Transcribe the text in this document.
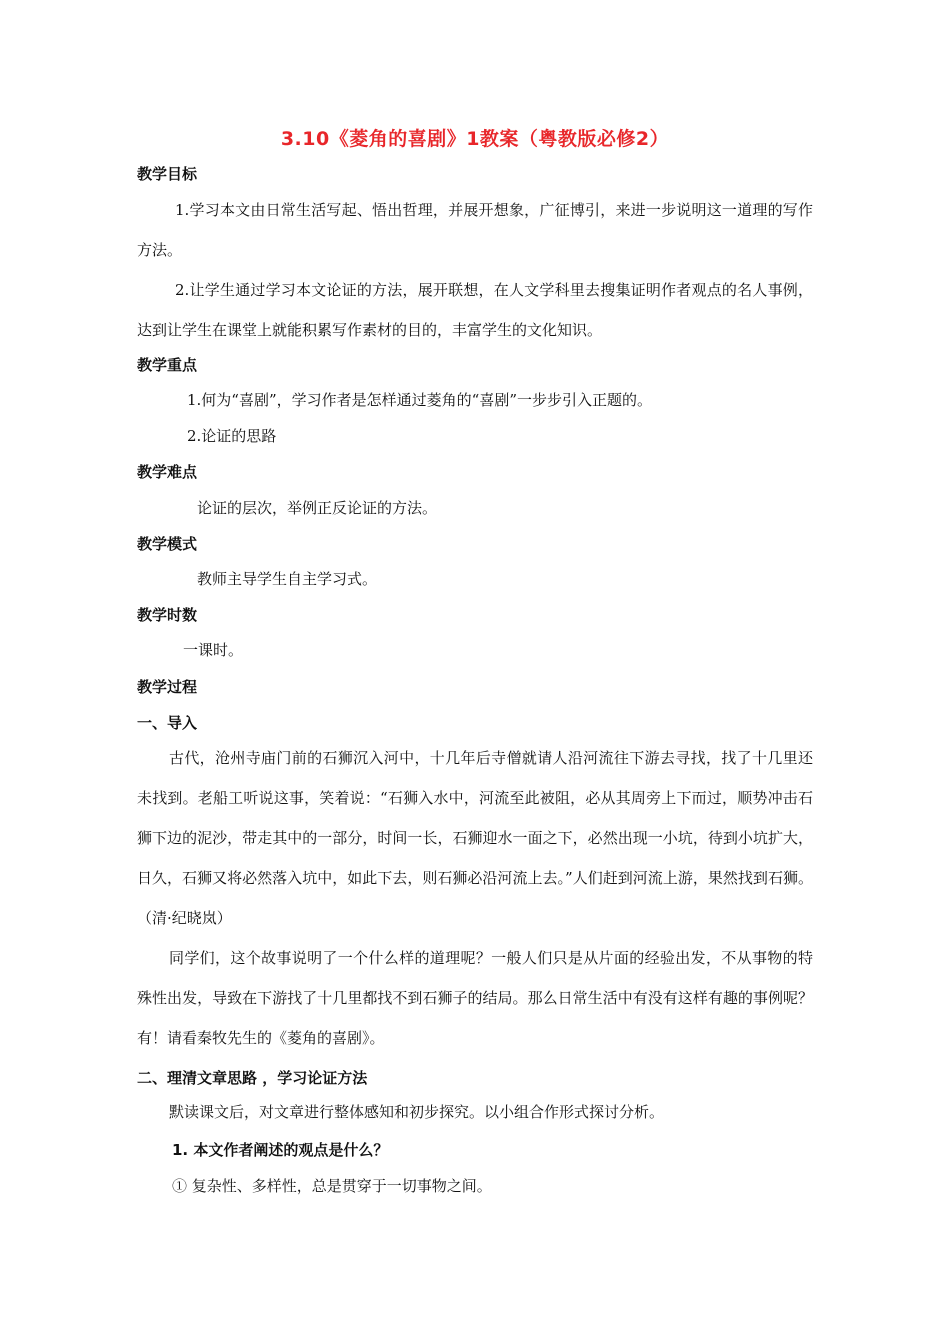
3.10《菱角的喜剧》1教案（粤教版必修2）
教学目标
1.学习本文由日常生活写起、悟出哲理，并展开想象，广征博引，来进一步说明这一道理的写作方法。
2.让学生通过学习本文论证的方法，展开联想，在人文学科里去搜集证明作者观点的名人事例，达到让学生在课堂上就能积累写作素材的目的，丰富学生的文化知识。
教学重点
1.何为“喜剧”，学习作者是怎样通过菱角的“喜剧”一步步引入正题的。
2.论证的思路
教学难点
论证的层次，举例正反论证的方法。
教学模式
教师主导学生自主学习式。
教学时数
一课时。
教学过程
一、导入
古代，沧州寺庙门前的石狮沉入河中，十几年后寺僧就请人沿河流往下游去寻找，找了十几里还未找到。老船工听说这事，笑着说：“石狮入水中，河流至此被阻，必从其周旁上下而过，顺势冲击石狮下边的泥沙，带走其中的一部分，时间一长，石狮迎水一面之下，必然出现一小坑，待到小坑扩大，日久，石狮又将必然落入坑中，如此下去，则石狮必沿河流上去。”人们赶到河流上游，果然找到石狮。（清·纪晓岚）
同学们，这个故事说明了一个什么样的道理呢？一般人们只是从片面的经验出发，不从事物的特殊性出发，导致在下游找了十几里都找不到石狮子的结局。那么日常生活中有没有这样有趣的事例呢？有！请看秦牧先生的《菱角的喜剧》。
二、理清文章思路 ，学习论证方法
默读课文后，对文章进行整体感知和初步探究。以小组合作形式探讨分析。
1. 本文作者阐述的观点是什么？
① 复杂性、多样性，总是贯穿于一切事物之间。
